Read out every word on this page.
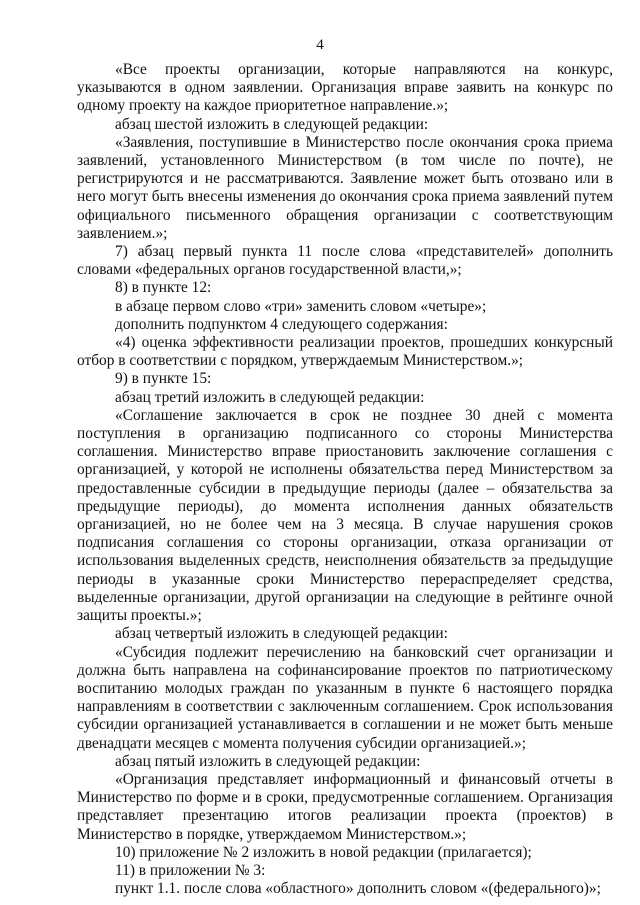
4

«Все проекты организации, которые направляются на конкурс, указываются в одном заявлении. Организация вправе заявить на конкурс по одному проекту на каждое приоритетное направление.»;

абзац шестой изложить в следующей редакции:

«Заявления, поступившие в Министерство после окончания срока приема заявлений, установленного Министерством (в том числе по почте), не регистрируются и не рассматриваются. Заявление может быть отозвано или в него могут быть внесены изменения до окончания срока приема заявлений путем официального письменного обращения организации с соответствующим заявлением.»;

7) абзац первый пункта 11 после слова «представителей» дополнить словами «федеральных органов государственной власти,»;

8) в пункте 12:

в абзаце первом слово «три» заменить словом «четыре»;

дополнить подпунктом 4 следующего содержания:

«4) оценка эффективности реализации проектов, прошедших конкурсный отбор в соответствии с порядком, утверждаемым Министерством.»;

9) в пункте 15:

абзац третий изложить в следующей редакции:

«Соглашение заключается в срок не позднее 30 дней с момента поступления в организацию подписанного со стороны Министерства соглашения. Министерство вправе приостановить заключение соглашения с организацией, у которой не исполнены обязательства перед Министерством за предоставленные субсидии в предыдущие периоды (далее – обязательства за предыдущие периоды), до момента исполнения данных обязательств организацией, но не более чем на 3 месяца. В случае нарушения сроков подписания соглашения со стороны организации, отказа организации от использования выделенных средств, неисполнения обязательств за предыдущие периоды в указанные сроки Министерство перераспределяет средства, выделенные организации, другой организации на следующие в рейтинге очной защиты проекты.»;

абзац четвертый изложить в следующей редакции:

«Субсидия подлежит перечислению на банковский счет организации и должна быть направлена на софинансирование проектов по патриотическому воспитанию молодых граждан по указанным в пункте 6 настоящего порядка направлениям в соответствии с заключенным соглашением. Срок использования субсидии организацией устанавливается в соглашении и не может быть меньше двенадцати месяцев с момента получения субсидии организацией.»;

абзац пятый изложить в следующей редакции:

«Организация представляет информационный и финансовый отчеты в Министерство по форме и в сроки, предусмотренные соглашением. Организация представляет презентацию итогов реализации проекта (проектов) в Министерство в порядке, утверждаемом Министерством.»;

10) приложение № 2 изложить в новой редакции (прилагается);

11) в приложении № 3:

пункт 1.1. после слова «областного» дополнить словом «(федерального)»;
